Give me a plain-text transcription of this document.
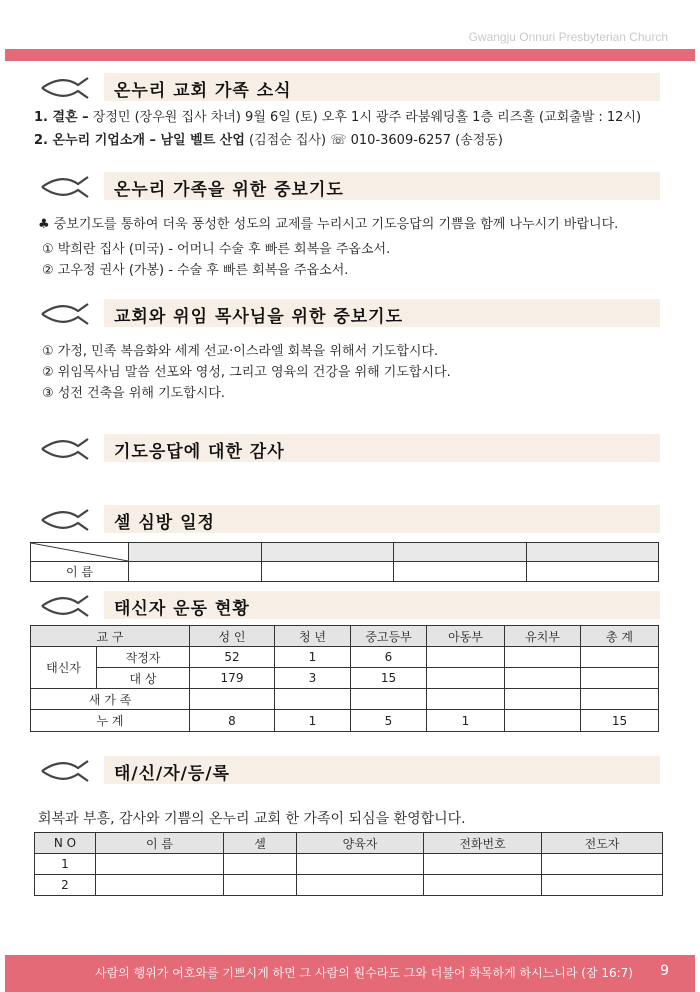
Gwangju Onnuri Presbyterian Church
온누리 교회 가족 소식
1. 결혼 – 장정민 (장우원 집사 차녀) 9월 6일 (토) 오후 1시 광주 라붐웨딩홀 1층 리즈홀 (교회출발 : 12시)
2. 온누리 기업소개 – 남일 벨트 산업 (김점순 집사) ☏ 010-3609-6257 (송정동)
온누리 가족을 위한 중보기도
♣ 중보기도를 통하여 더욱 풍성한 성도의 교제를 누리시고 기도응답의 기쁨을 함께 나누시기 바랍니다.
① 박희란 집사 (미국) - 어머니 수술 후 빠른 회복을 주옵소서.
② 고우정 권사 (가봉) - 수술 후 빠른 회복을 주옵소서.
교회와 위임 목사님을 위한 중보기도
① 가정, 민족 복음화와 세계 선교·이스라엘 회복을 위해서 기도합시다.
② 위임목사님 말씀 선포와 영성, 그리고 영육의 건강을 위해 기도합시다.
③ 성전 건축을 위해 기도합시다.
기도응답에 대한 감사
셀 심방 일정

이 름				
태신자 운동 현황
교 구		성 인	청 년	중고등부	아동부	유치부	총 계
태신자	작정자	52	1	6			
	대 상	179	3	15			
새 가 족							
누 계		8	1	5	1		15
태/신/자/등/록
회복과 부흥, 감사와 기쁨의 온누리 교회 한 가족이 되심을 환영합니다.
N O	이 름	셀	양육자	전화번호	전도자
1					
2					
사람의 행위가 여호와를 기쁘시게 하면 그 사람의 원수라도 그와 더불어 화목하게 하시느니라 (잠 16:7) 9
